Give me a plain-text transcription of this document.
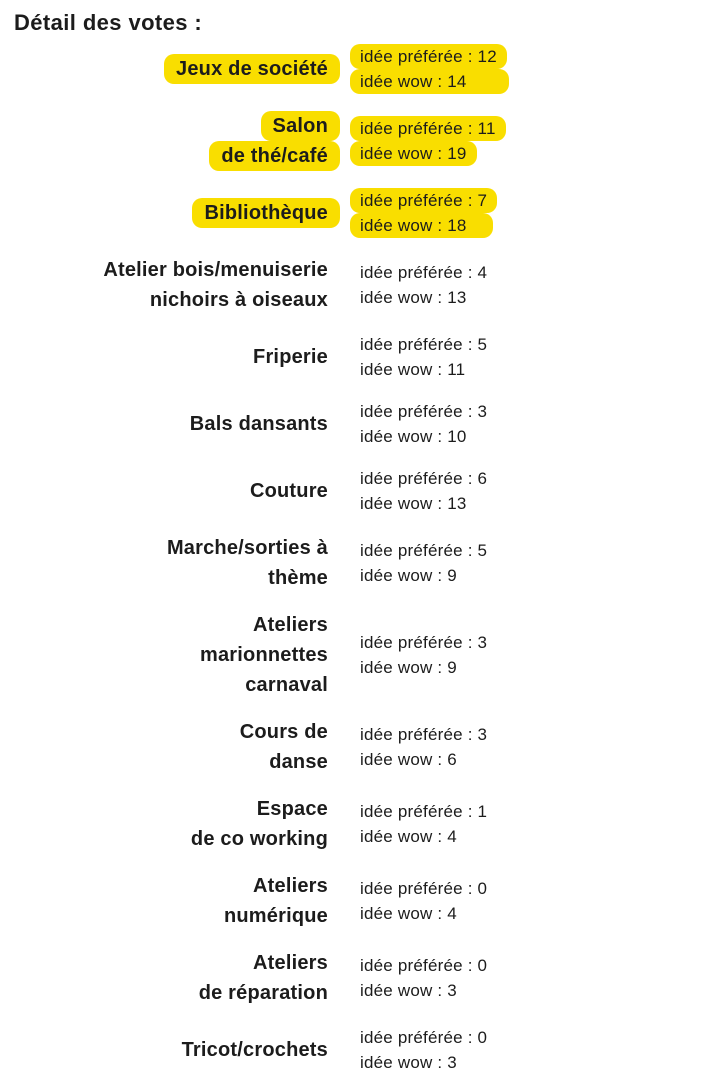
Détail des votes :
Jeux de société
idée préférée : 12
idée wow : 14
Salon
de thé/café
idée préférée : 11
idée wow : 19
Bibliothèque
idée préférée : 7
idée wow : 18
Atelier bois/menuiserie
nichoirs à oiseaux
idée préférée : 4
idée wow : 13
Friperie
idée préférée : 5
idée wow : 11
Bals dansants
idée préférée : 3
idée wow : 10
Couture
idée préférée : 6
idée wow : 13
Marche/sorties à
thème
idée préférée : 5
idée wow : 9
Ateliers
marionnettes
carnaval
idée préférée : 3
idée wow : 9
Cours de
danse
idée préférée : 3
idée wow : 6
Espace
de co working
idée préférée : 1
idée wow : 4
Ateliers
numérique
idée préférée : 0
idée wow : 4
Ateliers
de réparation
idée préférée : 0
idée wow : 3
Tricot/crochets
idée préférée : 0
idée wow : 3
